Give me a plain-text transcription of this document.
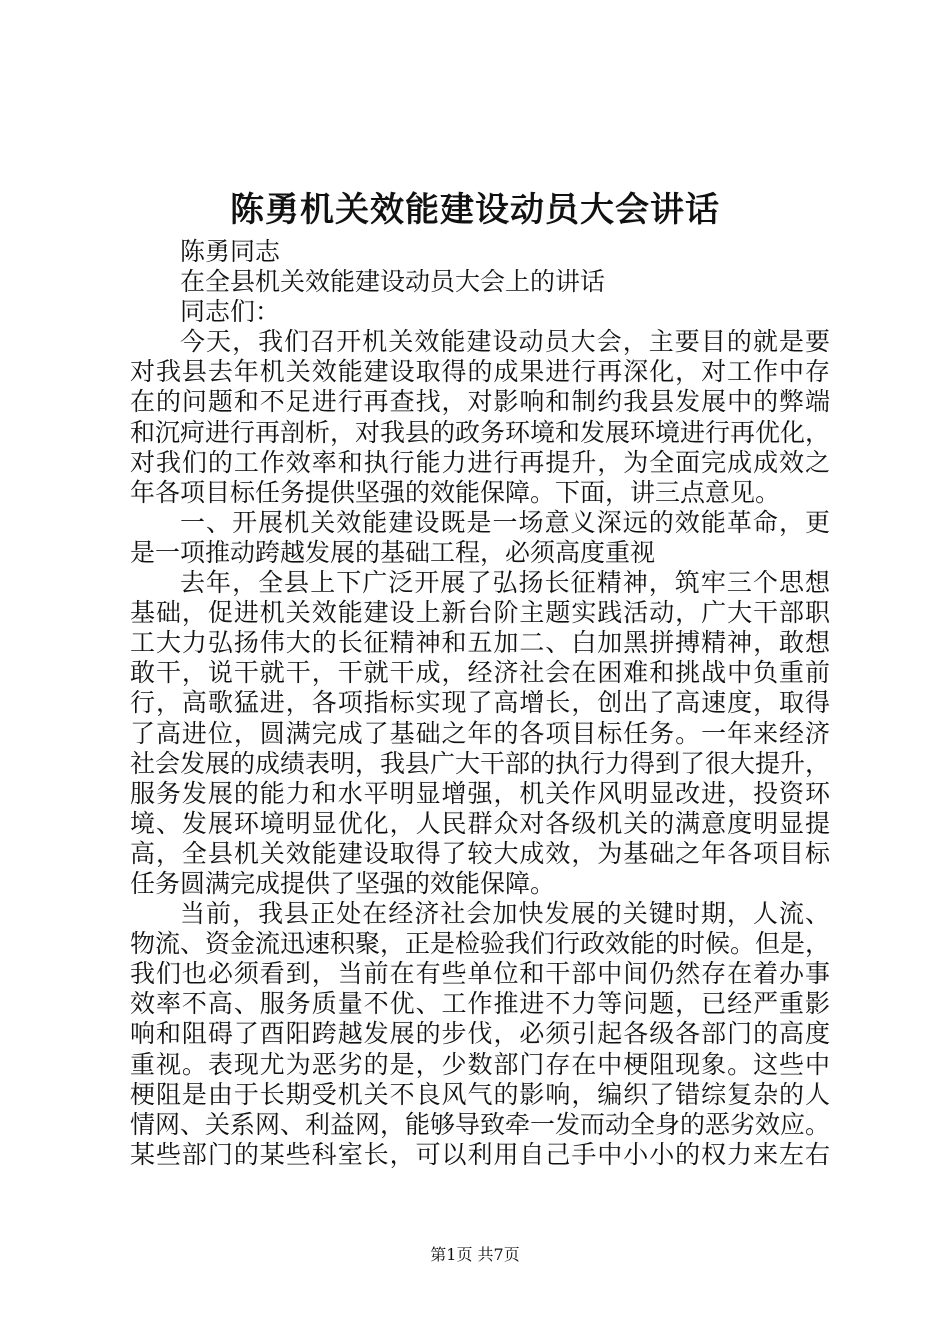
陈勇机关效能建设动员大会讲话
陈勇同志
在全县机关效能建设动员大会上的讲话
同志们：
今天，我们召开机关效能建设动员大会，主要目的就是要
对我县去年机关效能建设取得的成果进行再深化，对工作中存
在的问题和不足进行再查找，对影响和制约我县发展中的弊端
和沉疴进行再剖析，对我县的政务环境和发展环境进行再优化，
对我们的工作效率和执行能力进行再提升，为全面完成成效之
年各项目标任务提供坚强的效能保障。下面，讲三点意见。
一、开展机关效能建设既是一场意义深远的效能革命，更
是一项推动跨越发展的基础工程，必须高度重视
去年，全县上下广泛开展了弘扬长征精神，筑牢三个思想
基础，促进机关效能建设上新台阶主题实践活动，广大干部职
工大力弘扬伟大的长征精神和五加二、白加黑拼搏精神，敢想
敢干，说干就干，干就干成，经济社会在困难和挑战中负重前
行，高歌猛进，各项指标实现了高增长，创出了高速度，取得
了高进位，圆满完成了基础之年的各项目标任务。一年来经济
社会发展的成绩表明，我县广大干部的执行力得到了很大提升，
服务发展的能力和水平明显增强，机关作风明显改进，投资环
境、发展环境明显优化，人民群众对各级机关的满意度明显提
高，全县机关效能建设取得了较大成效，为基础之年各项目标
任务圆满完成提供了坚强的效能保障。
当前，我县正处在经济社会加快发展的关键时期，人流、
物流、资金流迅速积聚，正是检验我们行政效能的时候。但是，
我们也必须看到，当前在有些单位和干部中间仍然存在着办事
效率不高、服务质量不优、工作推进不力等问题，已经严重影
响和阻碍了酉阳跨越发展的步伐，必须引起各级各部门的高度
重视。表现尤为恶劣的是，少数部门存在中梗阻现象。这些中
梗阻是由于长期受机关不良风气的影响，编织了错综复杂的人
情网、关系网、利益网，能够导致牵一发而动全身的恶劣效应。
某些部门的某些科室长，可以利用自己手中小小的权力来左右
第1页 共7页
